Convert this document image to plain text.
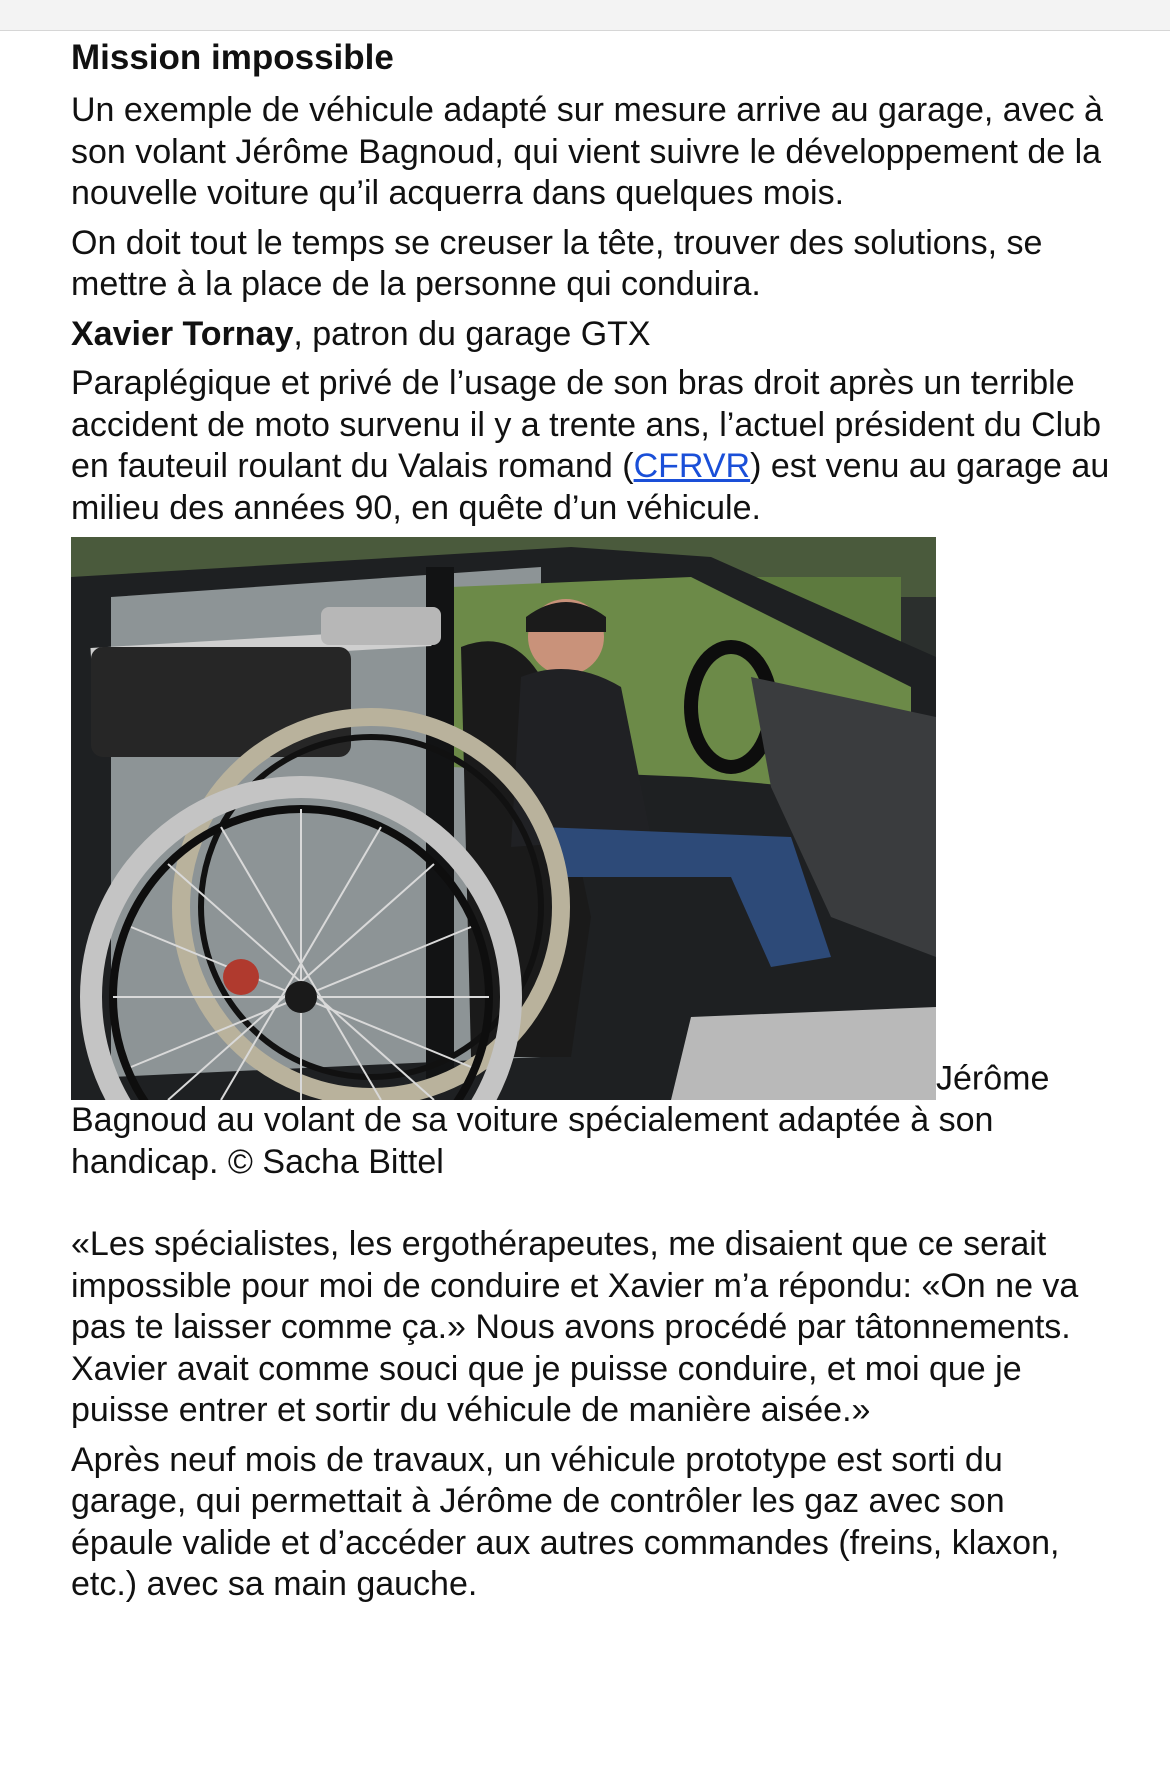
Mission impossible

Un exemple de véhicule adapté sur mesure arrive au garage, avec à son volant Jérôme Bagnoud, qui vient suivre le développement de la nouvelle voiture qu’il acquerra dans quelques mois.

On doit tout le temps se creuser la tête, trouver des solutions, se mettre à la place de la personne qui conduira.

Xavier Tornay, patron du garage GTX

Paraplégique et privé de l’usage de son bras droit après un terrible accident de moto survenu il y a trente ans, l’actuel président du Club en fauteuil roulant du Valais romand (CFRVR) est venu au garage au milieu des années 90, en quête d’un véhicule.

Jérôme Bagnoud au volant de sa voiture spécialement adaptée à son handicap. © Sacha Bittel

«Les spécialistes, les ergothérapeutes, me disaient que ce serait impossible pour moi de conduire et Xavier m’a répondu: «On ne va pas te laisser comme ça.» Nous avons procédé par tâtonnements. Xavier avait comme souci que je puisse conduire, et moi que je puisse entrer et sortir du véhicule de manière aisée.»

Après neuf mois de travaux, un véhicule prototype est sorti du garage, qui permettait à Jérôme de contrôler les gaz avec son épaule valide et d’accéder aux autres commandes (freins, klaxon, etc.) avec sa main gauche.
